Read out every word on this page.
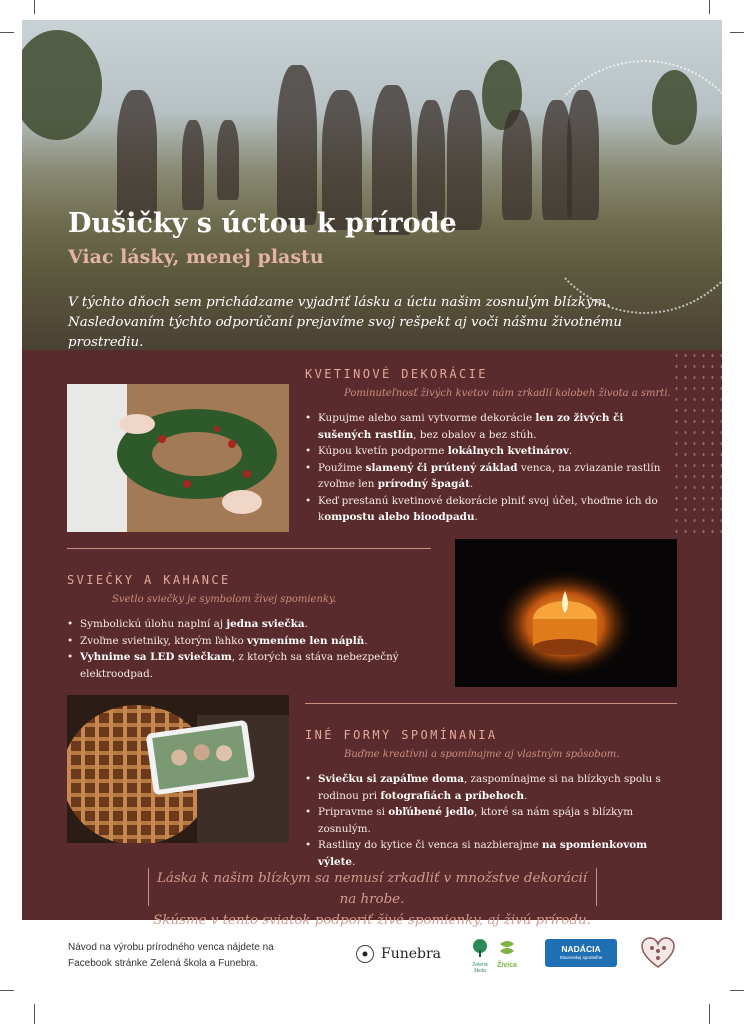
Dušičky s úctou k prírode
Viac lásky, menej plastu
V týchto dňoch sem prichádzame vyjadriť lásku a úctu našim zosnulým blízkym.
Nasledovaním týchto odporúčaní prejavíme svoj rešpekt aj voči nášmu životnému prostrediu.
KVETINOVÉ DEKORÁCIE
Pominuteľnosť živých kvetov nám zrkadlí kolobeh života a smrti.
• Kupujme alebo sami vytvorme dekorácie len zo živých či sušených rastlín, bez obalov a bez stúh.
• Kúpou kvetín podporme lokálnych kvetinárov.
• Použime slamený či prútený základ venca, na zviazanie rastlín zvoľme len prírodný špagát.
• Keď prestanú kvetinové dekorácie plniť svoj účel, vhoďme ich do kompostu alebo bioodpadu.
SVIEČKY A KAHANCE
Svetlo sviečky je symbolom živej spomienky.
• Symbolickú úlohu naplní aj jedna sviečka.
• Zvoľme svietniky, ktorým ľahko vymeníme len náplň.
• Vyhnime sa LED sviečkam, z ktorých sa stáva nebezpečný elektroodpad.
INÉ FORMY SPOMÍNANIA
Buďme kreatívni a spomínajme aj vlastným spôsobom.
• Sviečku si zapáľme doma, zaspomínajme si na blízkych spolu s rodinou pri fotografiách a príbehoch.
• Pripravme si obľúbené jedlo, ktoré sa nám spája s blízkym zosnulým.
• Rastliny do kytice či venca si nazbierajme na spomienkovom výlete.
Láska k našim blízkym sa nemusí zrkadliť v množstve dekorácií na hrobe.
Skúsme v tento sviatok podporiť živé spomienky, aj živú prírodu.
Návod na výrobu prírodného venca nájdete na
Facebook stránke Zelená škola a Funebra.
Funebra
Zelená škola
Živica
NADÁCIA
Slovenskej sporiteľne
